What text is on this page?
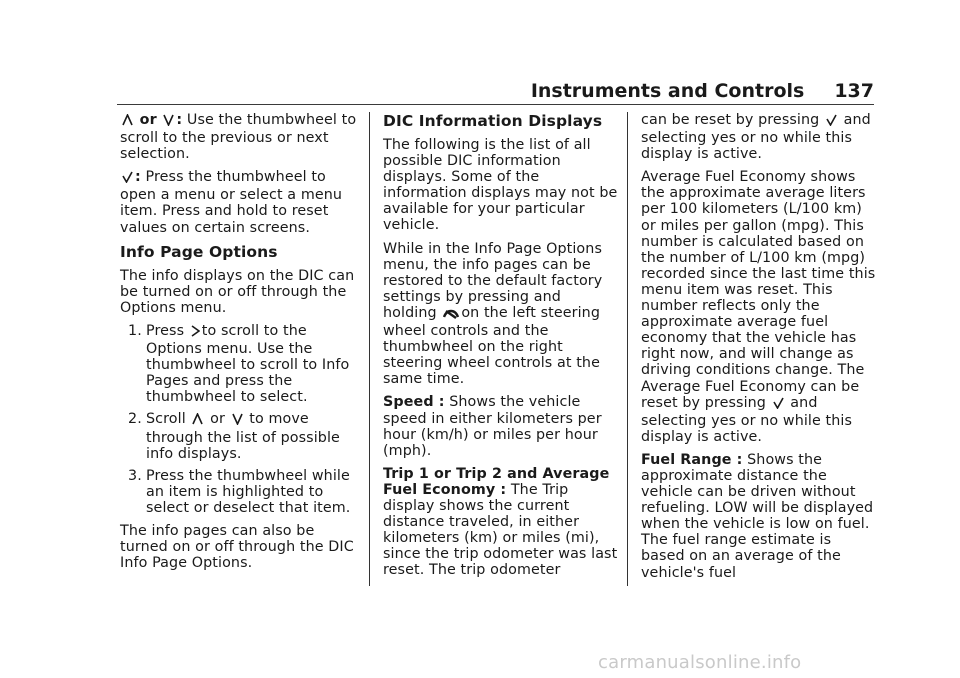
Instruments and Controls 137

or : Use the thumbwheel to scroll to the previous or next selection.

: Press the thumbwheel to open a menu or select a menu item. Press and hold to reset values on certain screens.

Info Page Options

The info displays on the DIC can be turned on or off through the Options menu.

1. Press to scroll to the Options menu. Use the thumbwheel to scroll to Info Pages and press the thumbwheel to select.
2. Scroll or to move through the list of possible info displays.
3. Press the thumbwheel while an item is highlighted to select or deselect that item.

The info pages can also be turned on or off through the DIC Info Page Options.

DIC Information Displays

The following is the list of all possible DIC information displays. Some of the information displays may not be available for your particular vehicle.

While in the Info Page Options menu, the info pages can be restored to the default factory settings by pressing and holding on the left steering wheel controls and the thumbwheel on the right steering wheel controls at the same time.

Speed : Shows the vehicle speed in either kilometers per hour (km/h) or miles per hour (mph).

Trip 1 or Trip 2 and Average Fuel Economy : The Trip display shows the current distance traveled, in either kilometers (km) or miles (mi), since the trip odometer was last reset. The trip odometer

can be reset by pressing and selecting yes or no while this display is active.

Average Fuel Economy shows the approximate average liters per 100 kilometers (L/100 km) or miles per gallon (mpg). This number is calculated based on the number of L/100 km (mpg) recorded since the last time this menu item was reset. This number reflects only the approximate average fuel economy that the vehicle has right now, and will change as driving conditions change. The Average Fuel Economy can be reset by pressing and selecting yes or no while this display is active.

Fuel Range : Shows the approximate distance the vehicle can be driven without refueling. LOW will be displayed when the vehicle is low on fuel. The fuel range estimate is based on an average of the vehicle's fuel

carmanualsonline.info
